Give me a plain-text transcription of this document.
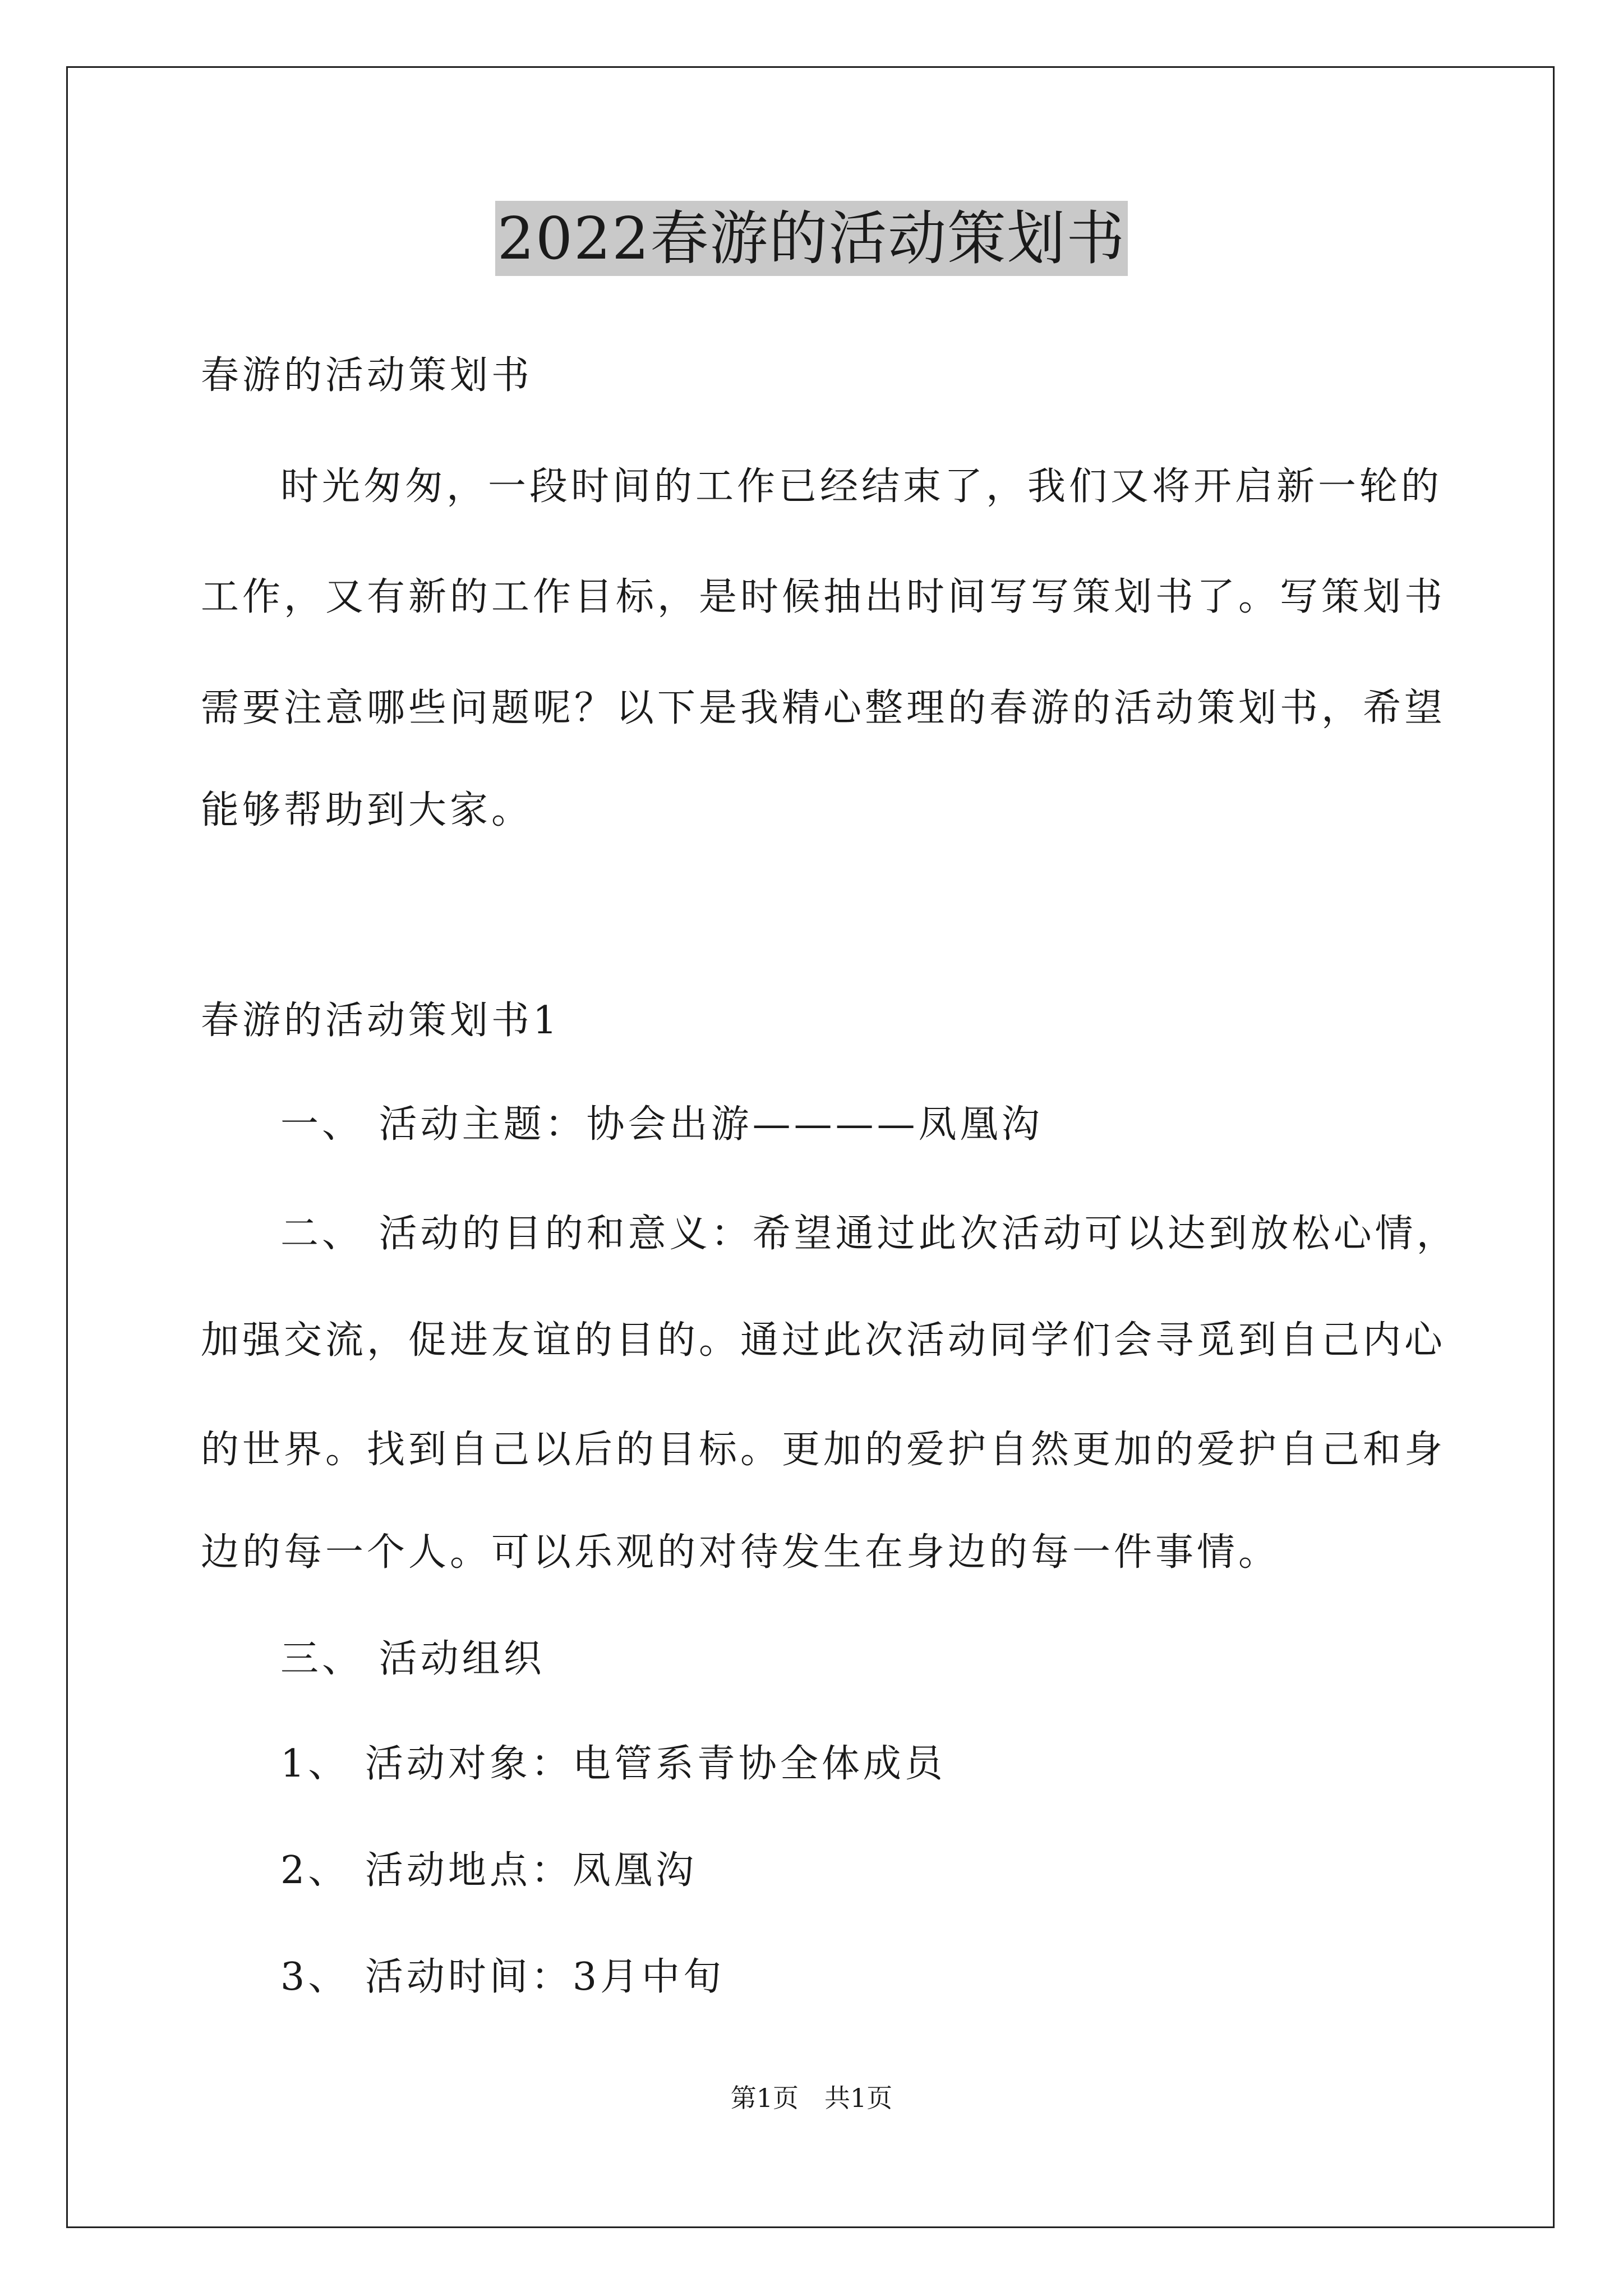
2022春游的活动策划书
春游的活动策划书
时光匆匆，一段时间的工作已经结束了，我们又将开启新一轮的
工作，又有新的工作目标，是时候抽出时间写写策划书了。写策划书
需要注意哪些问题呢？以下是我精心整理的春游的活动策划书，希望
能够帮助到大家。
春游的活动策划书1
一、 活动主题：协会出游————凤凰沟
二、 活动的目的和意义：希望通过此次活动可以达到放松心情，
加强交流，促进友谊的目的。通过此次活动同学们会寻觅到自己内心
的世界。找到自己以后的目标。更加的爱护自然更加的爱护自己和身
边的每一个人。可以乐观的对待发生在身边的每一件事情。
三、 活动组织
1、 活动对象：电管系青协全体成员
2、 活动地点：凤凰沟
3、 活动时间：3月中旬
第1页 共1页
